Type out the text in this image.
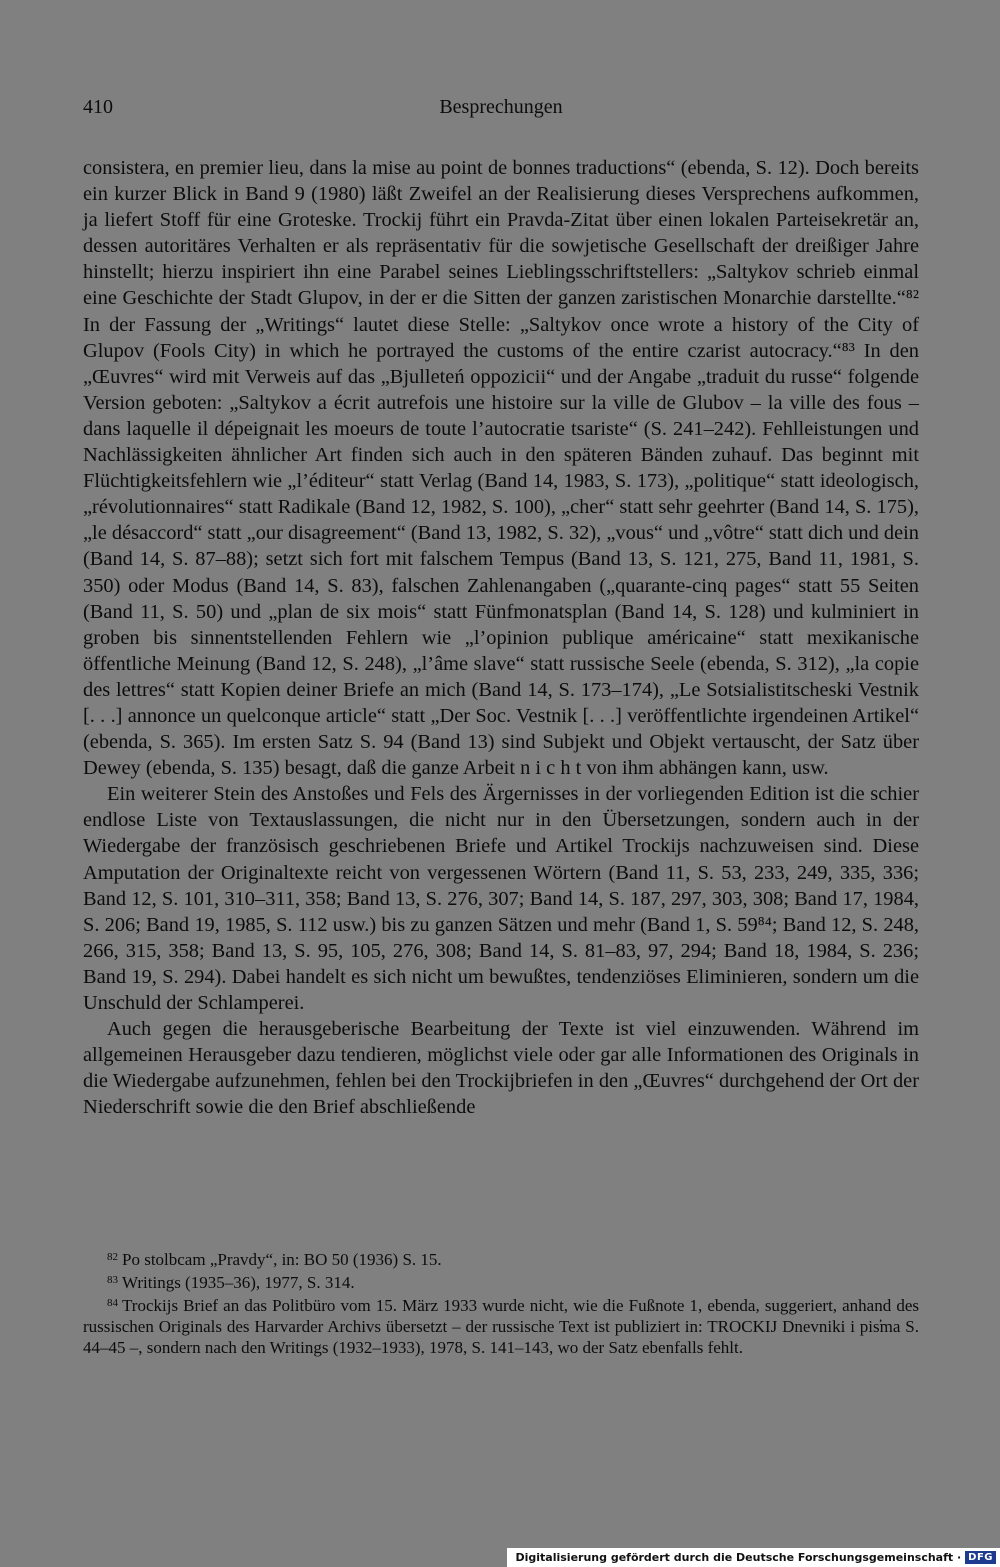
410	Besprechungen

consistera, en premier lieu, dans la mise au point de bonnes traductions“ (ebenda, S. 12). Doch bereits ein kurzer Blick in Band 9 (1980) läßt Zweifel an der Realisierung dieses Versprechens aufkommen, ja liefert Stoff für eine Groteske. Trockij führt ein Pravda-Zitat über einen lokalen Parteisekretär an, dessen autoritäres Verhalten er als repräsentativ für die sowjetische Gesellschaft der dreißiger Jahre hinstellt; hierzu inspiriert ihn eine Parabel seines Lieblingsschriftstellers: „Saltykov schrieb einmal eine Geschichte der Stadt Glupov, in der er die Sitten der ganzen zaristischen Monarchie darstellte.“⁸² In der Fassung der „Writings“ lautet diese Stelle: „Saltykov once wrote a history of the City of Glupov (Fools City) in which he portrayed the customs of the entire czarist autocracy.“⁸³ In den „Œuvres“ wird mit Verweis auf das „Bjulleteń oppozicii“ und der Angabe „traduit du russe“ folgende Version geboten: „Saltykov a écrit autrefois une histoire sur la ville de Glubov – la ville des fous – dans laquelle il dépeignait les moeurs de toute l’autocratie tsariste“ (S. 241–242). Fehlleistungen und Nachlässigkeiten ähnlicher Art finden sich auch in den späteren Bänden zuhauf. Das beginnt mit Flüchtigkeitsfehlern wie „l’éditeur“ statt Verlag (Band 14, 1983, S. 173), „politique“ statt ideologisch, „révolutionnaires“ statt Radikale (Band 12, 1982, S. 100), „cher“ statt sehr geehrter (Band 14, S. 175), „le désaccord“ statt „our disagreement“ (Band 13, 1982, S. 32), „vous“ und „vôtre“ statt dich und dein (Band 14, S. 87–88); setzt sich fort mit falschem Tempus (Band 13, S. 121, 275, Band 11, 1981, S. 350) oder Modus (Band 14, S. 83), falschen Zahlenangaben („quarante-cinq pages“ statt 55 Seiten (Band 11, S. 50) und „plan de six mois“ statt Fünfmonatsplan (Band 14, S. 128) und kulminiert in groben bis sinnentstellenden Fehlern wie „l’opinion publique américaine“ statt mexikanische öffentliche Meinung (Band 12, S. 248), „l’âme slave“ statt russische Seele (ebenda, S. 312), „la copie des lettres“ statt Kopien deiner Briefe an mich (Band 14, S. 173–174), „Le Sotsialistitscheski Vestnik [. . .] annonce un quelconque article“ statt „Der Soc. Vestnik [. . .] veröffentlichte irgendeinen Artikel“ (ebenda, S. 365). Im ersten Satz S. 94 (Band 13) sind Subjekt und Objekt vertauscht, der Satz über Dewey (ebenda, S. 135) besagt, daß die ganze Arbeit n i c h t von ihm abhängen kann, usw.

Ein weiterer Stein des Anstoßes und Fels des Ärgernisses in der vorliegenden Edition ist die schier endlose Liste von Textauslassungen, die nicht nur in den Übersetzungen, sondern auch in der Wiedergabe der französisch geschriebenen Briefe und Artikel Trockijs nachzuweisen sind. Diese Amputation der Originaltexte reicht von vergessenen Wörtern (Band 11, S. 53, 233, 249, 335, 336; Band 12, S. 101, 310–311, 358; Band 13, S. 276, 307; Band 14, S. 187, 297, 303, 308; Band 17, 1984, S. 206; Band 19, 1985, S. 112 usw.) bis zu ganzen Sätzen und mehr (Band 1, S. 59⁸⁴; Band 12, S. 248, 266, 315, 358; Band 13, S. 95, 105, 276, 308; Band 14, S. 81–83, 97, 294; Band 18, 1984, S. 236; Band 19, S. 294). Dabei handelt es sich nicht um bewußtes, tendenziöses Eliminieren, sondern um die Unschuld der Schlamperei.

Auch gegen die herausgeberische Bearbeitung der Texte ist viel einzuwenden. Während im allgemeinen Herausgeber dazu tendieren, möglichst viele oder gar alle Informationen des Originals in die Wiedergabe aufzunehmen, fehlen bei den Trockijbriefen in den „Œuvres“ durchgehend der Ort der Niederschrift sowie die den Brief abschließende

$^{82}$ Po stolbcam „Pravdy“, in: BO 50 (1936) S. 15.

$^{83}$ Writings (1935–36), 1977, S. 314.

$^{84}$ Trockijs Brief an das Politbüro vom 15. März 1933 wurde nicht, wie die Fußnote 1, ebenda, suggeriert, anhand des russischen Originals des Harvarder Archivs übersetzt – der russische Text ist publiziert in: TROCKIJ Dnevniki i pis̕ma S. 44–45 –, sondern nach den Writings (1932–1933), 1978, S. 141–143, wo der Satz ebenfalls fehlt.

Digitalisierung gefördert durch die Deutsche Forschungsgemeinschaft · DFG
